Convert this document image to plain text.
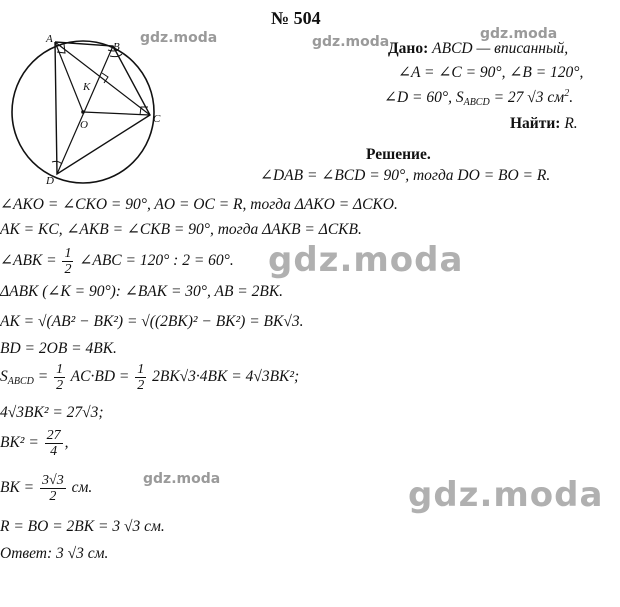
№ 504
A
B
C
D
O
K
Дано: ABCD — вписанный,
∠A = ∠C = 90°, ∠B = 120°,
∠D = 60°, $S_{ABCD} = 27$ √3 $см^2$.
Найти: R.
Решение.
∠DAB = ∠BCD = 90°, тогда DO = BO = R.
∠AKO = ∠CKO = 90°, AO = OC = R, тогда ΔAKO = ΔCKO.
AK = KC, ∠AKB = ∠CKB = 90°, тогда ΔAKB = ΔCKB.
∠ABK = $\frac{1}{2}$ ∠ABC = 120° : 2 = 60°.
ΔABK (∠K = 90°): ∠BAK = 30°, AB = 2BK.
AK = √(AB² − BK²) = √((2BK)² − BK²) = BK√3.
BD = 2OB = 4BK.
$S_{ABCD} = \frac{1}{2} AC\cdot BD = \frac{1}{2} 2BK√3\cdot 4BK = 4√3BK^2$;
4√3BK² = 27√3;
$BK^2 = \frac{27}{4}$ ,
BK = $\frac{3√3}{2}$ см.
R = BO = 2BK = 3 √3 см.
Ответ: 3 √3 см.
gdz.moda	gdz.moda	gdz.moda
gdz.moda
gdz.moda	gdz.moda
